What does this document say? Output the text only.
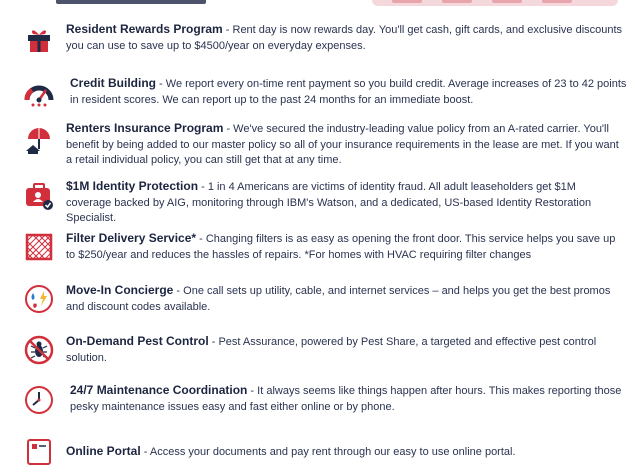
Resident Rewards Program - Rent day is now rewards day. You'll get cash, gift cards, and exclusive discounts you can use to save up to $4500/year on everyday expenses.
Credit Building - We report every on-time rent payment so you build credit. Average increases of 23 to 42 points in resident scores. We can report up to the past 24 months for an immediate boost.
Renters Insurance Program - We've secured the industry-leading value policy from an A-rated carrier. You'll benefit by being added to our master policy so all of your insurance requirements in the lease are met. If you want a retail individual policy, you can still get that at any time.
$1M Identity Protection - 1 in 4 Americans are victims of identity fraud. All adult leaseholders get $1M coverage backed by AIG, monitoring through IBM's Watson, and a dedicated, US-based Identity Restoration Specialist.
Filter Delivery Service* - Changing filters is as easy as opening the front door. This service helps you save up to $250/year and reduces the hassles of repairs. *For homes with HVAC requiring filter changes
Move-In Concierge - One call sets up utility, cable, and internet services – and helps you get the best promos and discount codes available.
On-Demand Pest Control - Pest Assurance, powered by Pest Share, a targeted and effective pest control solution.
24/7 Maintenance Coordination - It always seems like things happen after hours. This makes reporting those pesky maintenance issues easy and fast either online or by phone.
Online Portal - Access your documents and pay rent through our easy to use online portal.
